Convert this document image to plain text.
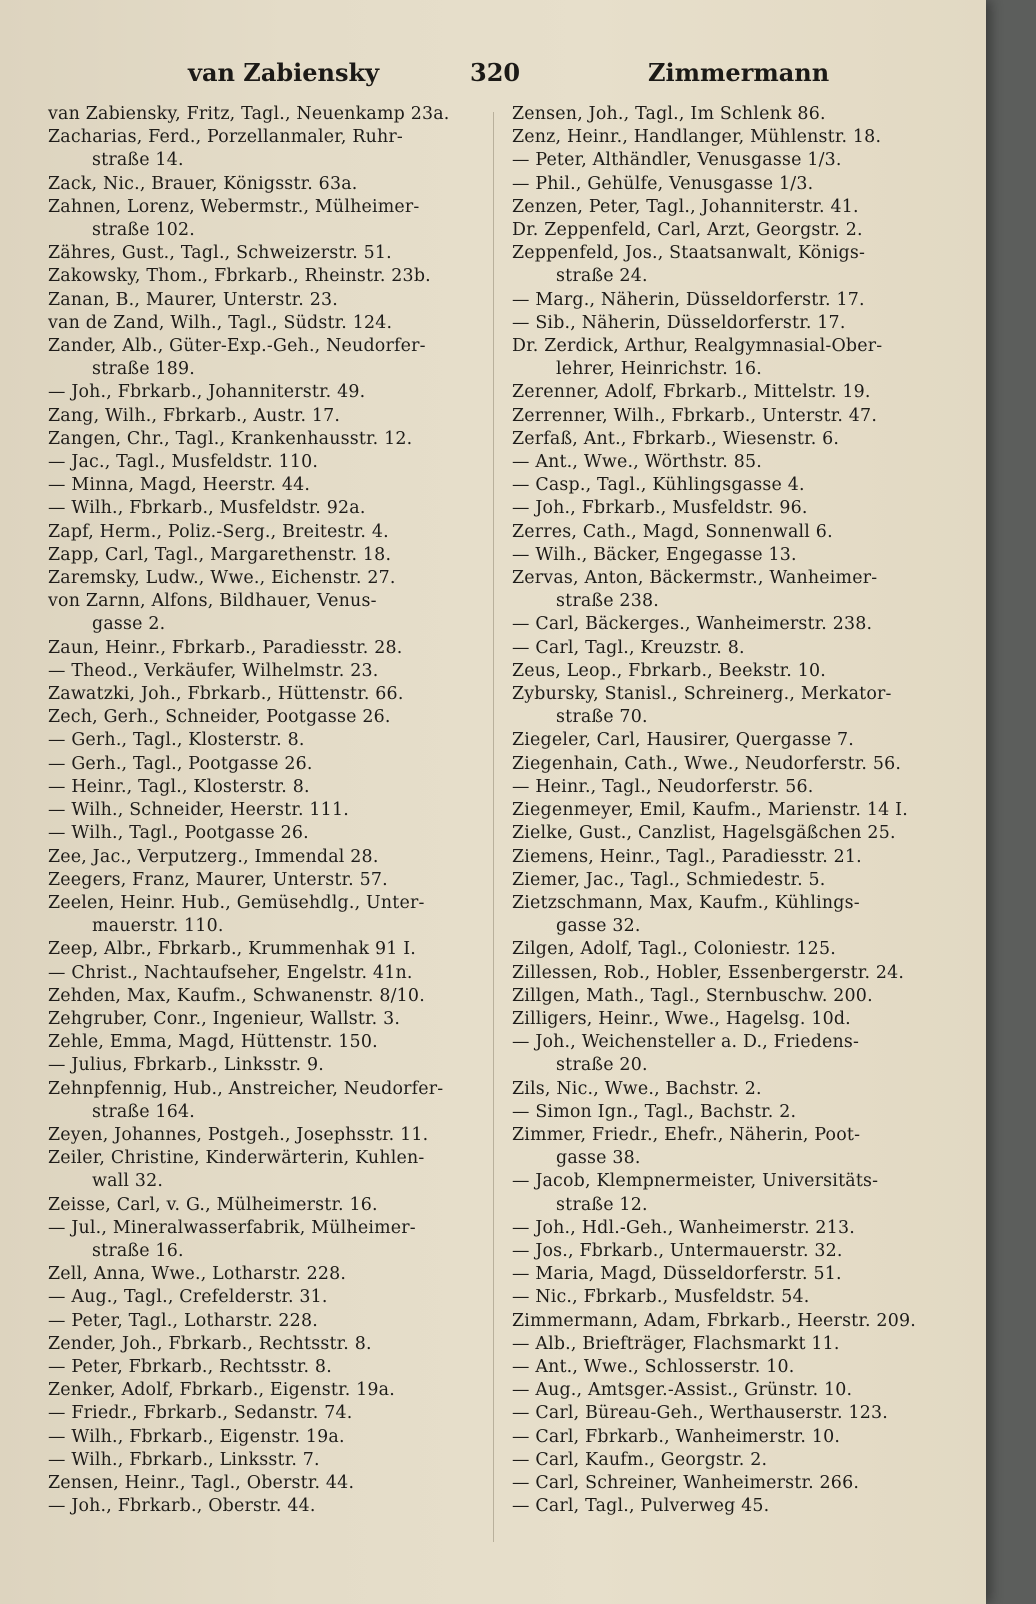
van Zabiensky	320	Zimmermann
van Zabiensky, Fritz, Tagl., Neuenkamp 23a.
Zacharias, Ferd., Porzellanmaler, Ruhr-
straße 14.
Zack, Nic., Brauer, Königsstr. 63a.
Zahnen, Lorenz, Webermstr., Mülheimer-
straße 102.
Zähres, Gust., Tagl., Schweizerstr. 51.
Zakowsky, Thom., Fbrkarb., Rheinstr. 23b.
Zanan, B., Maurer, Unterstr. 23.
van de Zand, Wilh., Tagl., Südstr. 124.
Zander, Alb., Güter-Exp.-Geh., Neudorfer-
straße 189.
— Joh., Fbrkarb., Johanniterstr. 49.
Zang, Wilh., Fbrkarb., Austr. 17.
Zangen, Chr., Tagl., Krankenhausstr. 12.
— Jac., Tagl., Musfeldstr. 110.
— Minna, Magd, Heerstr. 44.
— Wilh., Fbrkarb., Musfeldstr. 92a.
Zapf, Herm., Poliz.-Serg., Breitestr. 4.
Zapp, Carl, Tagl., Margarethenstr. 18.
Zaremsky, Ludw., Wwe., Eichenstr. 27.
von Zarnn, Alfons, Bildhauer, Venus-
gasse 2.
Zaun, Heinr., Fbrkarb., Paradiesstr. 28.
— Theod., Verkäufer, Wilhelmstr. 23.
Zawatzki, Joh., Fbrkarb., Hüttenstr. 66.
Zech, Gerh., Schneider, Pootgasse 26.
— Gerh., Tagl., Klosterstr. 8.
— Gerh., Tagl., Pootgasse 26.
— Heinr., Tagl., Klosterstr. 8.
— Wilh., Schneider, Heerstr. 111.
— Wilh., Tagl., Pootgasse 26.
Zee, Jac., Verputzerg., Immendal 28.
Zeegers, Franz, Maurer, Unterstr. 57.
Zeelen, Heinr. Hub., Gemüsehdlg., Unter-
mauerstr. 110.
Zeep, Albr., Fbrkarb., Krummenhak 91 I.
— Christ., Nachtaufseher, Engelstr. 41n.
Zehden, Max, Kaufm., Schwanenstr. 8/10.
Zehgruber, Conr., Ingenieur, Wallstr. 3.
Zehle, Emma, Magd, Hüttenstr. 150.
— Julius, Fbrkarb., Linksstr. 9.
Zehnpfennig, Hub., Anstreicher, Neudorfer-
straße 164.
Zeyen, Johannes, Postgeh., Josephsstr. 11.
Zeiler, Christine, Kinderwärterin, Kuhlen-
wall 32.
Zeisse, Carl, v. G., Mülheimerstr. 16.
— Jul., Mineralwasserfabrik, Mülheimer-
straße 16.
Zell, Anna, Wwe., Lotharstr. 228.
— Aug., Tagl., Crefelderstr. 31.
— Peter, Tagl., Lotharstr. 228.
Zender, Joh., Fbrkarb., Rechtsstr. 8.
— Peter, Fbrkarb., Rechtsstr. 8.
Zenker, Adolf, Fbrkarb., Eigenstr. 19a.
— Friedr., Fbrkarb., Sedanstr. 74.
— Wilh., Fbrkarb., Eigenstr. 19a.
— Wilh., Fbrkarb., Linksstr. 7.
Zensen, Heinr., Tagl., Oberstr. 44.
— Joh., Fbrkarb., Oberstr. 44.
Zensen, Joh., Tagl., Im Schlenk 86.
Zenz, Heinr., Handlanger, Mühlenstr. 18.
— Peter, Althändler, Venusgasse 1/3.
— Phil., Gehülfe, Venusgasse 1/3.
Zenzen, Peter, Tagl., Johanniterstr. 41.
Dr. Zeppenfeld, Carl, Arzt, Georgstr. 2.
Zeppenfeld, Jos., Staatsanwalt, Königs-
straße 24.
— Marg., Näherin, Düsseldorferstr. 17.
— Sib., Näherin, Düsseldorferstr. 17.
Dr. Zerdick, Arthur, Realgymnasial-Ober-
lehrer, Heinrichstr. 16.
Zerenner, Adolf, Fbrkarb., Mittelstr. 19.
Zerrenner, Wilh., Fbrkarb., Unterstr. 47.
Zerfaß, Ant., Fbrkarb., Wiesenstr. 6.
— Ant., Wwe., Wörthstr. 85.
— Casp., Tagl., Kühlingsgasse 4.
— Joh., Fbrkarb., Musfeldstr. 96.
Zerres, Cath., Magd, Sonnenwall 6.
— Wilh., Bäcker, Engegasse 13.
Zervas, Anton, Bäckermstr., Wanheimer-
straße 238.
— Carl, Bäckerges., Wanheimerstr. 238.
— Carl, Tagl., Kreuzstr. 8.
Zeus, Leop., Fbrkarb., Beekstr. 10.
Zybursky, Stanisl., Schreinerg., Merkator-
straße 70.
Ziegeler, Carl, Hausirer, Quergasse 7.
Ziegenhain, Cath., Wwe., Neudorferstr. 56.
— Heinr., Tagl., Neudorferstr. 56.
Ziegenmeyer, Emil, Kaufm., Marienstr. 14 I.
Zielke, Gust., Canzlist, Hagelsgäßchen 25.
Ziemens, Heinr., Tagl., Paradiesstr. 21.
Ziemer, Jac., Tagl., Schmiedestr. 5.
Zietzschmann, Max, Kaufm., Kühlings-
gasse 32.
Zilgen, Adolf, Tagl., Coloniestr. 125.
Zillessen, Rob., Hobler, Essenbergerstr. 24.
Zillgen, Math., Tagl., Sternbuschw. 200.
Zilligers, Heinr., Wwe., Hagelsg. 10d.
— Joh., Weichensteller a. D., Friedens-
straße 20.
Zils, Nic., Wwe., Bachstr. 2.
— Simon Ign., Tagl., Bachstr. 2.
Zimmer, Friedr., Ehefr., Näherin, Poot-
gasse 38.
— Jacob, Klempnermeister, Universitäts-
straße 12.
— Joh., Hdl.-Geh., Wanheimerstr. 213.
— Jos., Fbrkarb., Untermauerstr. 32.
— Maria, Magd, Düsseldorferstr. 51.
— Nic., Fbrkarb., Musfeldstr. 54.
Zimmermann, Adam, Fbrkarb., Heerstr. 209.
— Alb., Briefträger, Flachsmarkt 11.
— Ant., Wwe., Schlosserstr. 10.
— Aug., Amtsger.-Assist., Grünstr. 10.
— Carl, Büreau-Geh., Werthauserstr. 123.
— Carl, Fbrkarb., Wanheimerstr. 10.
— Carl, Kaufm., Georgstr. 2.
— Carl, Schreiner, Wanheimerstr. 266.
— Carl, Tagl., Pulverweg 45.
